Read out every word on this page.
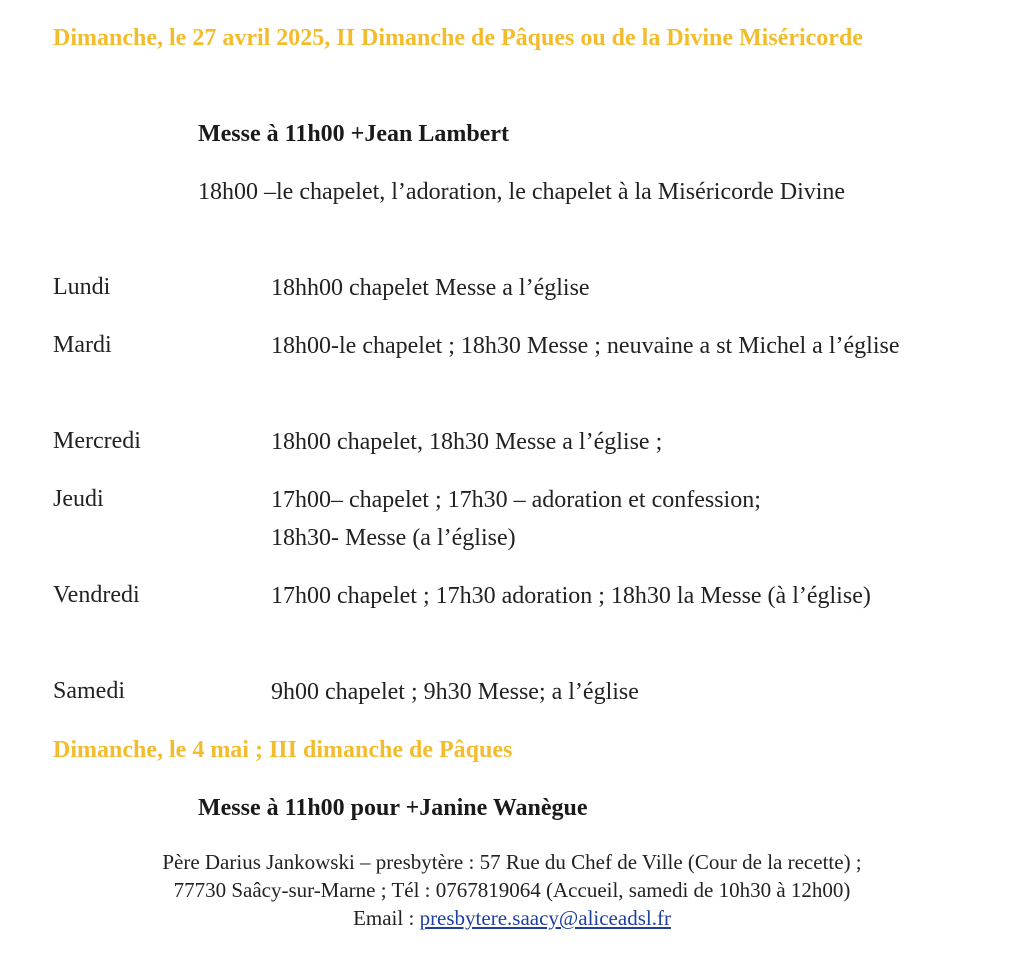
Dimanche, le 27 avril 2025, II Dimanche de Pâques ou de la Divine Miséricorde
Messe à 11h00 +Jean Lambert
18h00 –le chapelet, l’adoration, le chapelet à la Miséricorde Divine
Lundi	18hh00 chapelet Messe a l’église
Mardi	18h00-le chapelet ; 18h30 Messe ; neuvaine a st Michel a l’église
Mercredi	18h00 chapelet, 18h30 Messe a l’église ;
Jeudi	17h00– chapelet ; 17h30 – adoration et confession;
18h30- Messe (a l’église)
Vendredi	17h00 chapelet ; 17h30 adoration ; 18h30 la Messe (à l’église)
Samedi	9h00 chapelet ; 9h30 Messe; a l’église
Dimanche, le 4 mai ; III dimanche de Pâques
Messe à 11h00 pour +Janine Wanègue
Père Darius Jankowski – presbytère : 57 Rue du Chef de Ville (Cour de la recette) ;
77730 Saâcy-sur-Marne ; Tél : 0767819064 (Accueil, samedi de 10h30 à 12h00)
Email : presbytere.saacy@aliceadsl.fr
